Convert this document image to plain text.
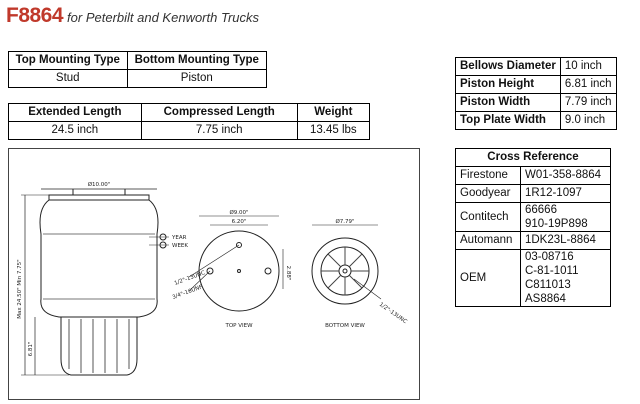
F8864 for Peterbilt and Kenworth Trucks
Top Mounting Type	Bottom Mounting Type
Stud	Piston
Extended Length	Compressed Length	Weight
24.5 inch	7.75 inch	13.45 lbs
Bellows Diameter	10 inch
Piston Height	6.81 inch
Piston Width	7.79 inch
Top Plate Width	9.0 inch
Cross Reference	
Firestone	W01-358-8864
Goodyear	1R12-1097
Contitech	66666
910-19P898

Automann	1DK23L-8864
OEM	03-08716
C-81-1011
C811013
AS8864
Ø10.00"
YEAR
WEEK
Max 24.50" Min 7.75"
6.81"
Ø9.00"
6.20"
2.88"
1/2"-13UNC
3/4"-16UNF
TOP VIEW
Ø7.79"
1/2"-13UNC
BOTTOM VIEW
